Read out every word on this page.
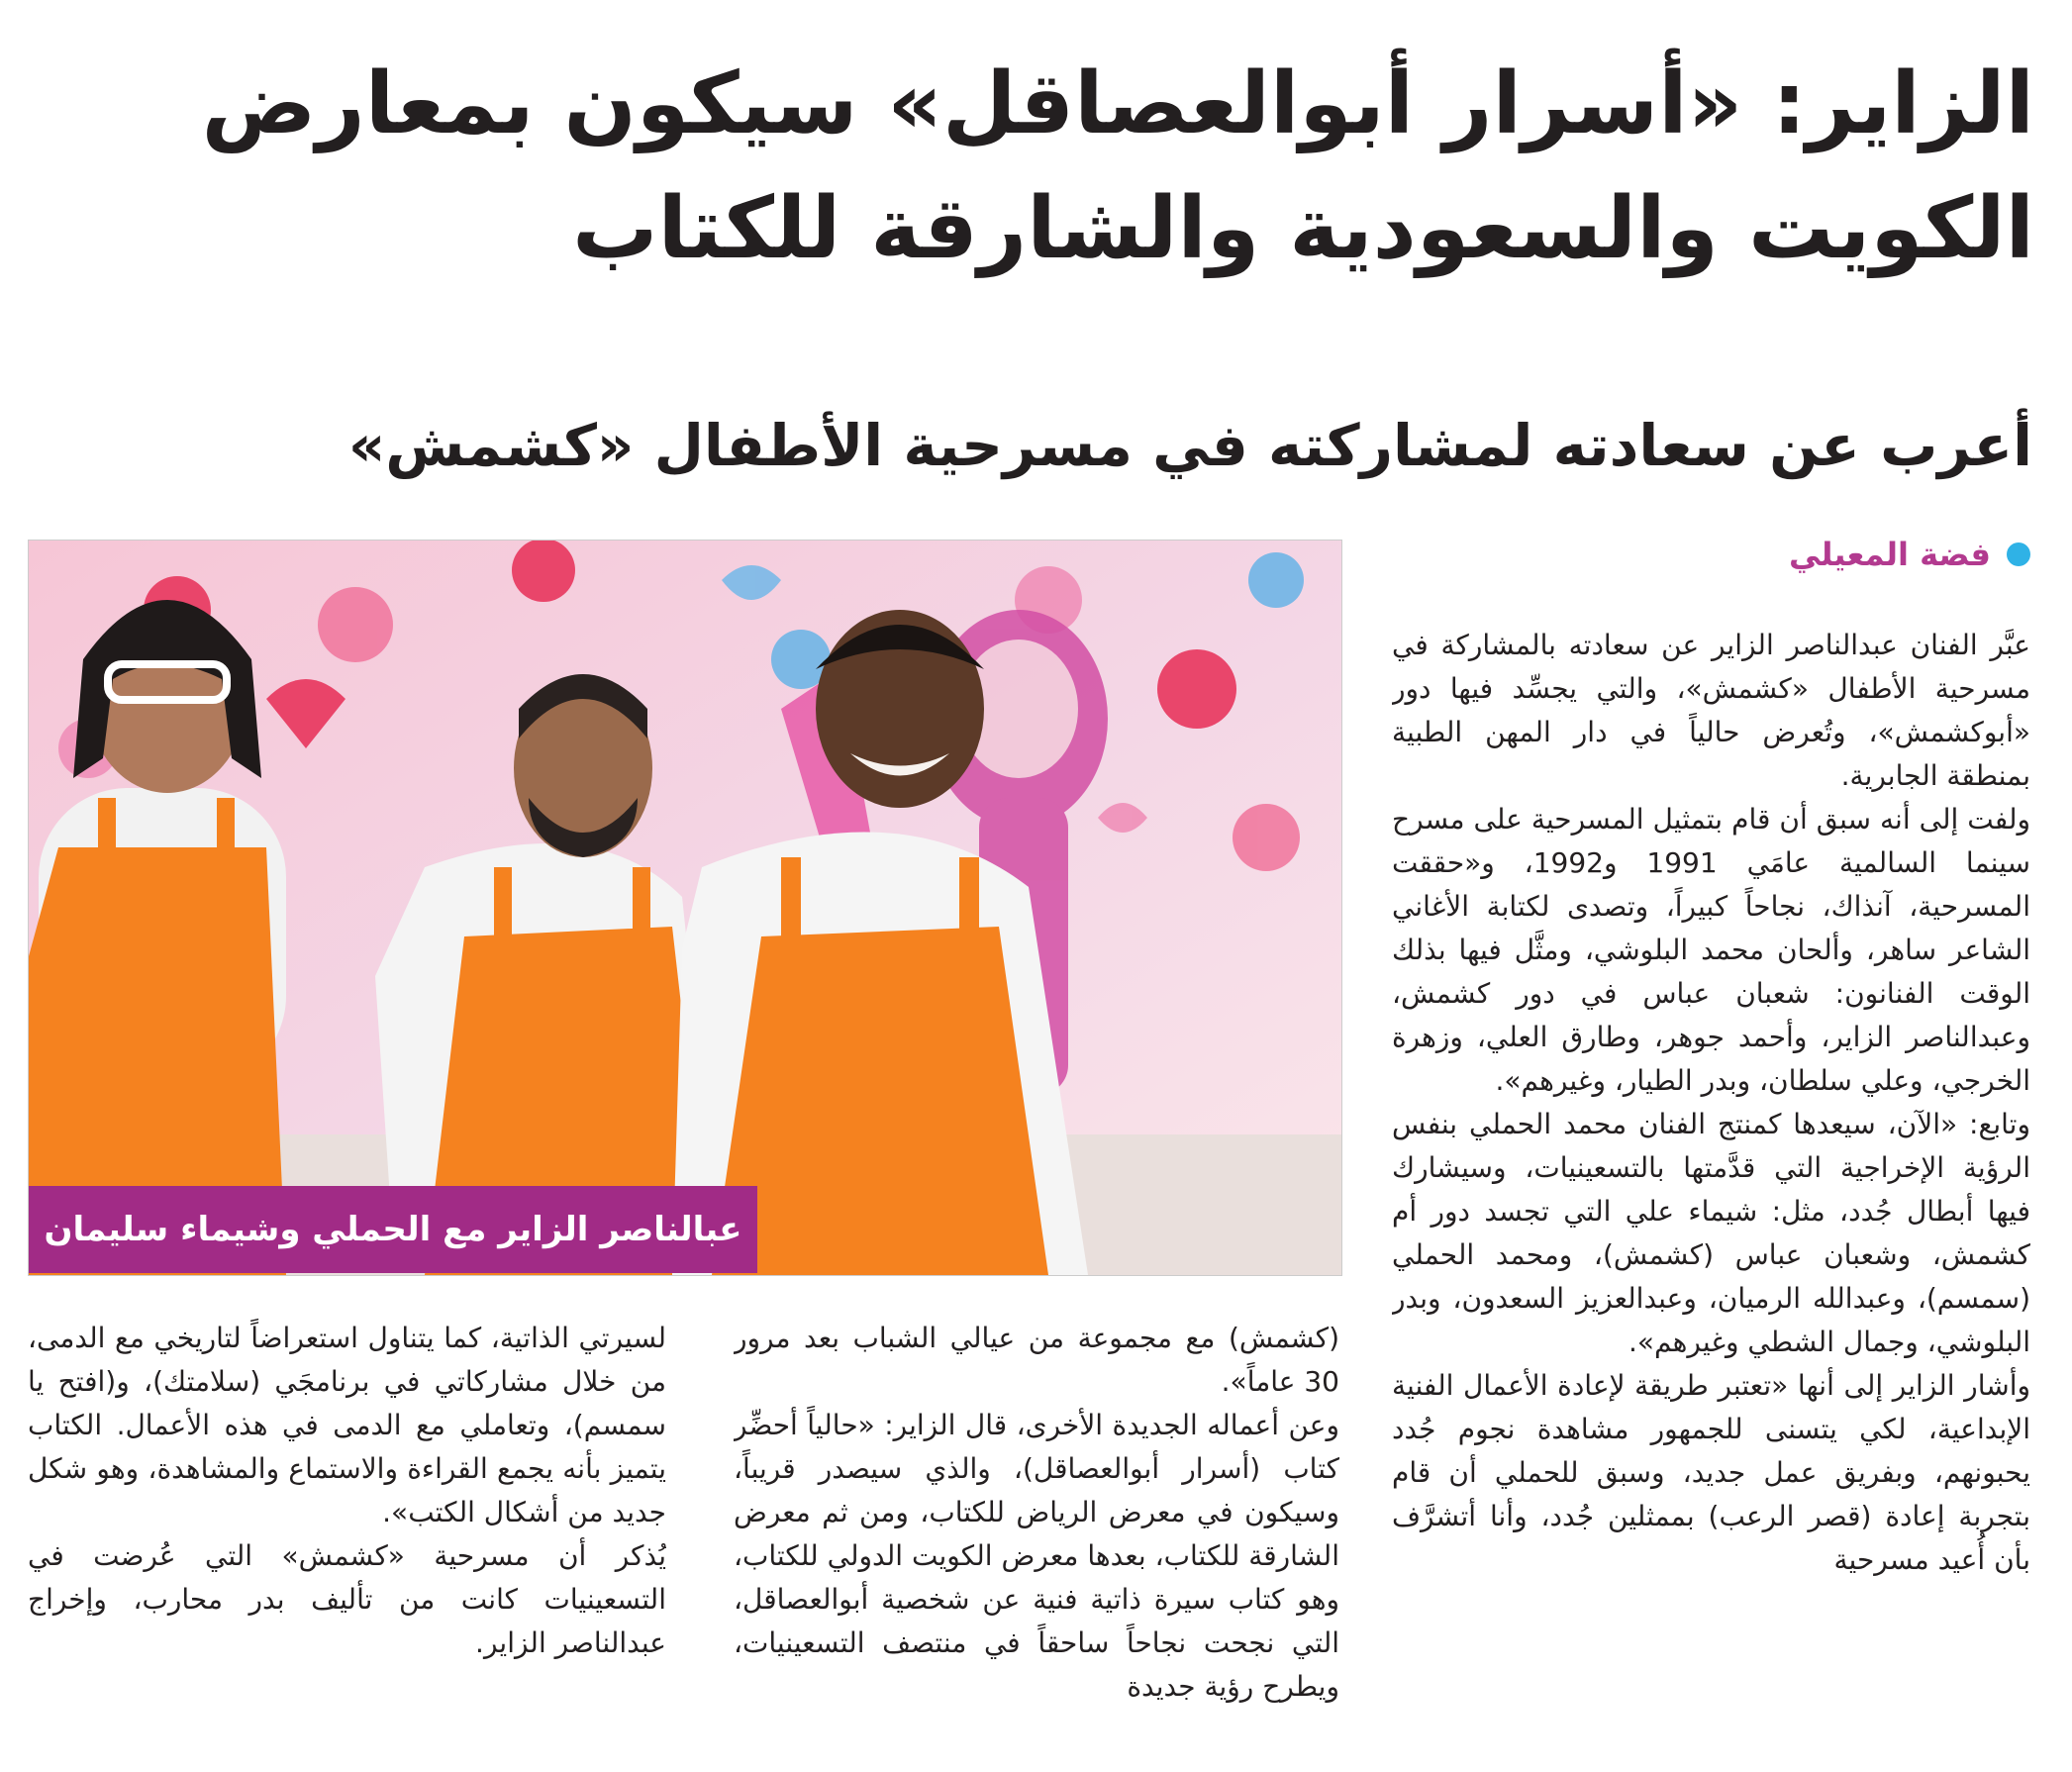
الزاير: «أسرار أبوالعصاقل» سيكون بمعارض
الكويت والسعودية والشارقة للكتاب
أعرب عن سعادته لمشاركته في مسرحية الأطفال «كشمش»
فضة المعيلي
عبالناصر الزاير مع الحملي وشيماء سليمان

عبَّر الفنان عبدالناصر الزاير عن سعادته بالمشاركة في مسرحية الأطفال «كشمش»، والتي يجسِّد فيها دور «أبوكشمش»، وتُعرض حالياً في دار المهن الطبية بمنطقة الجابرية.

ولفت إلى أنه سبق أن قام بتمثيل المسرحية على مسرح سينما السالمية عامَي 1991 و1992، و«حققت المسرحية، آنذاك، نجاحاً كبيراً، وتصدى لكتابة الأغاني الشاعر ساهر، وألحان محمد البلوشي، ومثَّل فيها بذلك الوقت الفنانون: شعبان عباس في دور كشمش، وعبدالناصر الزاير، وأحمد جوهر، وطارق العلي، وزهرة الخرجي، وعلي سلطان، وبدر الطيار، وغيرهم».

وتابع: «الآن، سيعدها كمنتج الفنان محمد الحملي بنفس الرؤية الإخراجية التي قدَّمتها بالتسعينيات، وسيشارك فيها أبطال جُدد، مثل: شيماء علي التي تجسد دور أم كشمش، وشعبان عباس (كشمش)، ومحمد الحملي (سمسم)، وعبدالله الرميان، وعبدالعزيز السعدون، وبدر البلوشي، وجمال الشطي وغيرهم».

وأشار الزاير إلى أنها «تعتبر طريقة لإعادة الأعمال الفنية الإبداعية، لكي يتسنى للجمهور مشاهدة نجوم جُدد يحبونهم، وبفريق عمل جديد، وسبق للحملي أن قام بتجربة إعادة (قصر الرعب) بممثلين جُدد، وأنا أتشرَّف بأن أُعيد مسرحية

(كشمش) مع مجموعة من عيالي الشباب بعد مرور 30 عاماً».

وعن أعماله الجديدة الأخرى، قال الزاير: «حالياً أحضِّر كتاب (أسرار أبوالعصاقل)، والذي سيصدر قريباً، وسيكون في معرض الرياض للكتاب، ومن ثم معرض الشارقة للكتاب، بعدها معرض الكويت الدولي للكتاب، وهو كتاب سيرة ذاتية فنية عن شخصية أبوالعصاقل، التي نجحت نجاحاً ساحقاً في منتصف التسعينيات، ويطرح رؤية جديدة

لسيرتي الذاتية، كما يتناول استعراضاً لتاريخي مع الدمى، من خلال مشاركاتي في برنامجَي (سلامتك)، و(افتح يا سمسم)، وتعاملي مع الدمى في هذه الأعمال. الكتاب يتميز بأنه يجمع القراءة والاستماع والمشاهدة، وهو شكل جديد من أشكال الكتب».

يُذكر أن مسرحية «كشمش» التي عُرضت في التسعينيات كانت من تأليف بدر محارب، وإخراج عبدالناصر الزاير.
